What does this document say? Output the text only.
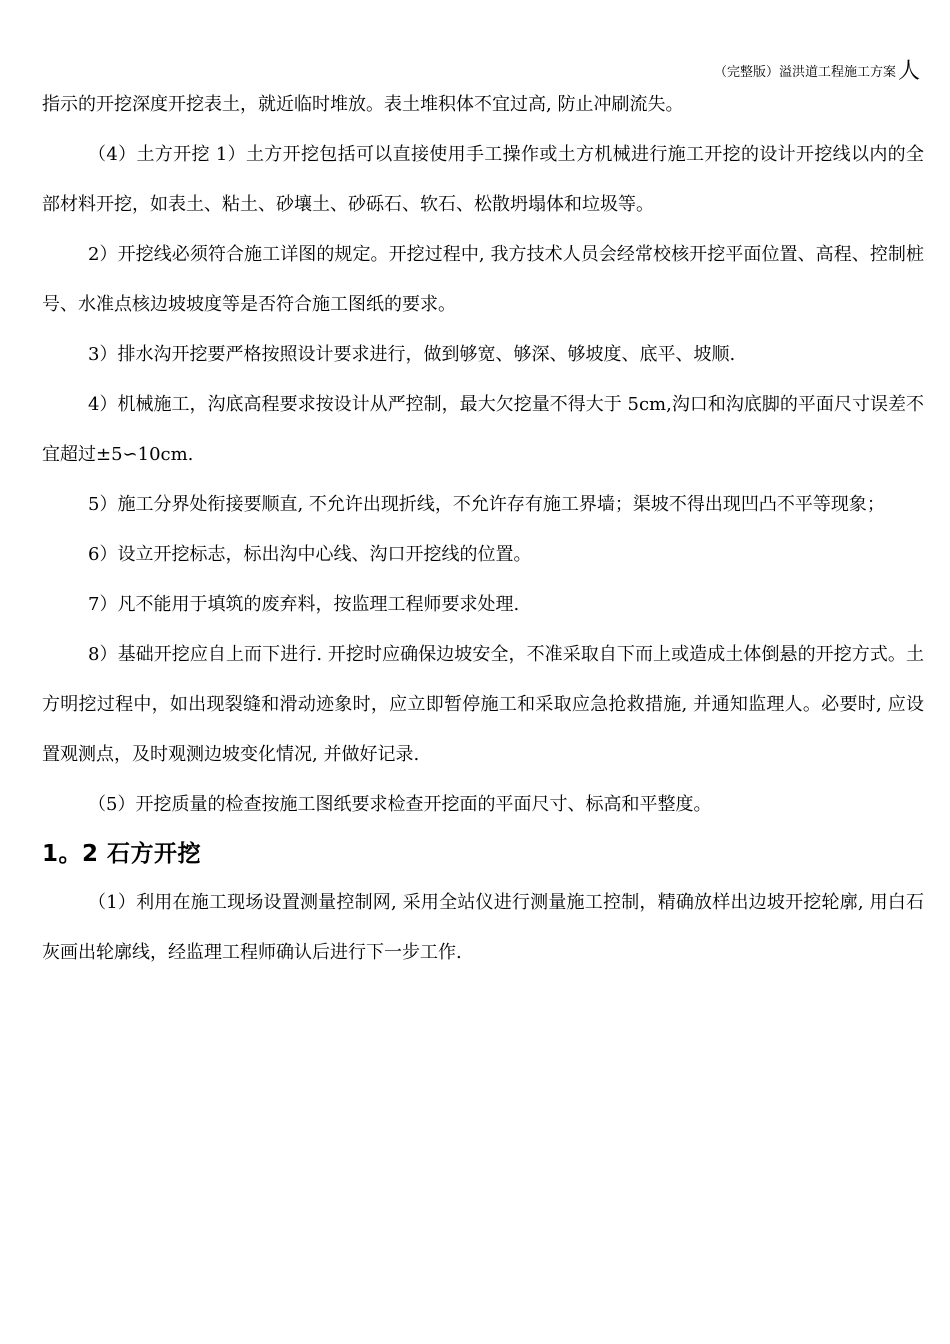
（完整版）溢洪道工程施工方案人

指示的开挖深度开挖表土，就近临时堆放。表土堆积体不宜过高, 防止冲刷流失。

（4）土方开挖 1）土方开挖包括可以直接使用手工操作或土方机械进行施工开挖的设计开挖线以内的全部材料开挖，如表土、粘土、砂壤土、砂砾石、软石、松散坍塌体和垃圾等。

2）开挖线必须符合施工详图的规定。开挖过程中, 我方技术人员会经常校核开挖平面位置、高程、控制桩号、水准点核边坡坡度等是否符合施工图纸的要求。

3）排水沟开挖要严格按照设计要求进行，做到够宽、够深、够坡度、底平、坡顺.

4）机械施工，沟底高程要求按设计从严控制，最大欠挖量不得大于 5cm,沟口和沟底脚的平面尺寸误差不宜超过±5∽10cm.

5）施工分界处衔接要顺直, 不允许出现折线，不允许存有施工界墙；渠坡不得出现凹凸不平等现象；

6）设立开挖标志，标出沟中心线、沟口开挖线的位置。

7）凡不能用于填筑的废弃料，按监理工程师要求处理.

8）基础开挖应自上而下进行. 开挖时应确保边坡安全，不准采取自下而上或造成土体倒悬的开挖方式。土方明挖过程中，如出现裂缝和滑动迹象时，应立即暂停施工和采取应急抢救措施, 并通知监理人。必要时, 应设置观测点，及时观测边坡变化情况, 并做好记录.

（5）开挖质量的检查按施工图纸要求检查开挖面的平面尺寸、标高和平整度。

1。2 石方开挖

（1）利用在施工现场设置测量控制网, 采用全站仪进行测量施工控制，精确放样出边坡开挖轮廓, 用白石灰画出轮廓线，经监理工程师确认后进行下一步工作.
